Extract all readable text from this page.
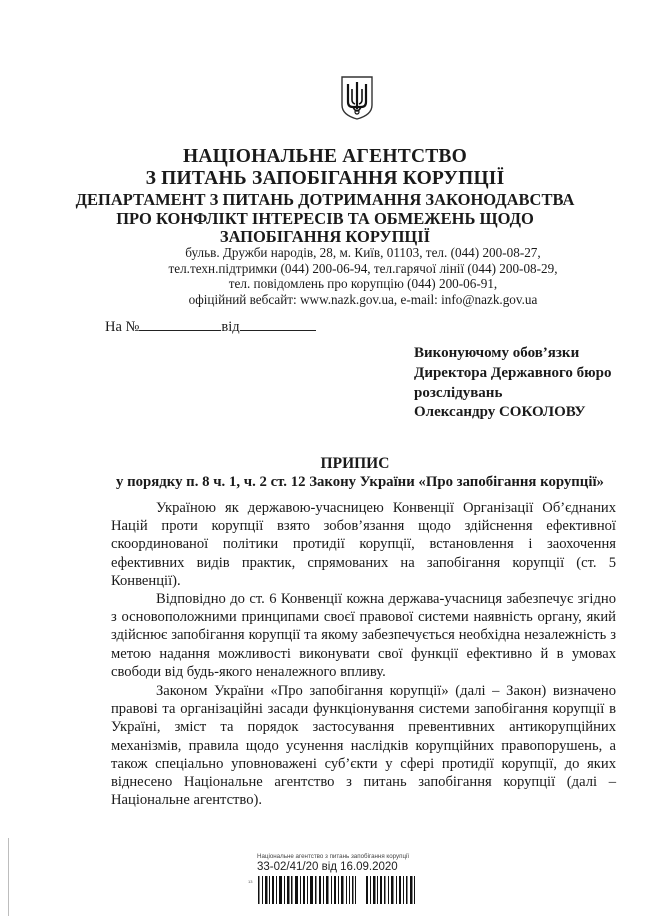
НАЦІОНАЛЬНЕ АГЕНТСТВО
З ПИТАНЬ ЗАПОБІГАННЯ КОРУПЦІЇ
ДЕПАРТАМЕНТ З ПИТАНЬ ДОТРИМАННЯ ЗАКОНОДАВСТВА
ПРО КОНФЛІКТ ІНТЕРЕСІВ ТА ОБМЕЖЕНЬ ЩОДО
ЗАПОБІГАННЯ КОРУПЦІЇ
бульв. Дружби народів, 28, м. Київ, 01103, тел. (044) 200-08-27,
тел.техн.підтримки (044) 200-06-94, тел.гарячої лінії (044) 200-08-29,
тел. повідомлень про корупцію (044) 200-06-91,
офіційний вебсайт: www.nazk.gov.ua, e-mail: info@nazk.gov.ua
На №	від
Виконуючому обов’язки
Директора Державного бюро
розслідувань
Олександру СОКОЛОВУ
ПРИПИС
у порядку п. 8 ч. 1, ч. 2 ст. 12 Закону України «Про запобігання корупції»

Україною як державою-учасницею Конвенції Організації Об’єднаних Націй проти корупції взято зобов’язання щодо здійснення ефективної скоординованої політики протидії корупції, встановлення і заохочення ефективних видів практик, спрямованих на запобігання корупції (ст. 5 Конвенції).

Відповідно до ст. 6 Конвенції кожна держава-учасниця забезпечує згідно з основоположними принципами своєї правової системи наявність органу, який здійснює запобігання корупції та якому забезпечується необхідна незалежність з метою надання можливості виконувати свої функції ефективно й в умовах свободи від будь-якого неналежного впливу.

Законом України «Про запобігання корупції» (далі – Закон) визначено правові та організаційні засади функціонування системи запобігання корупції в Україні, зміст та порядок застосування превентивних антикорупційних механізмів, правила щодо усунення наслідків корупційних правопорушень, а також спеціально уповноважені суб’єкти у сфері протидії корупції, до яких віднесено Національне агентство з питань запобігання корупції (далі – Національне агентство).

Національне агентство з питань запобігання корупції
33-02/41/20 від 16.09.2020
13
